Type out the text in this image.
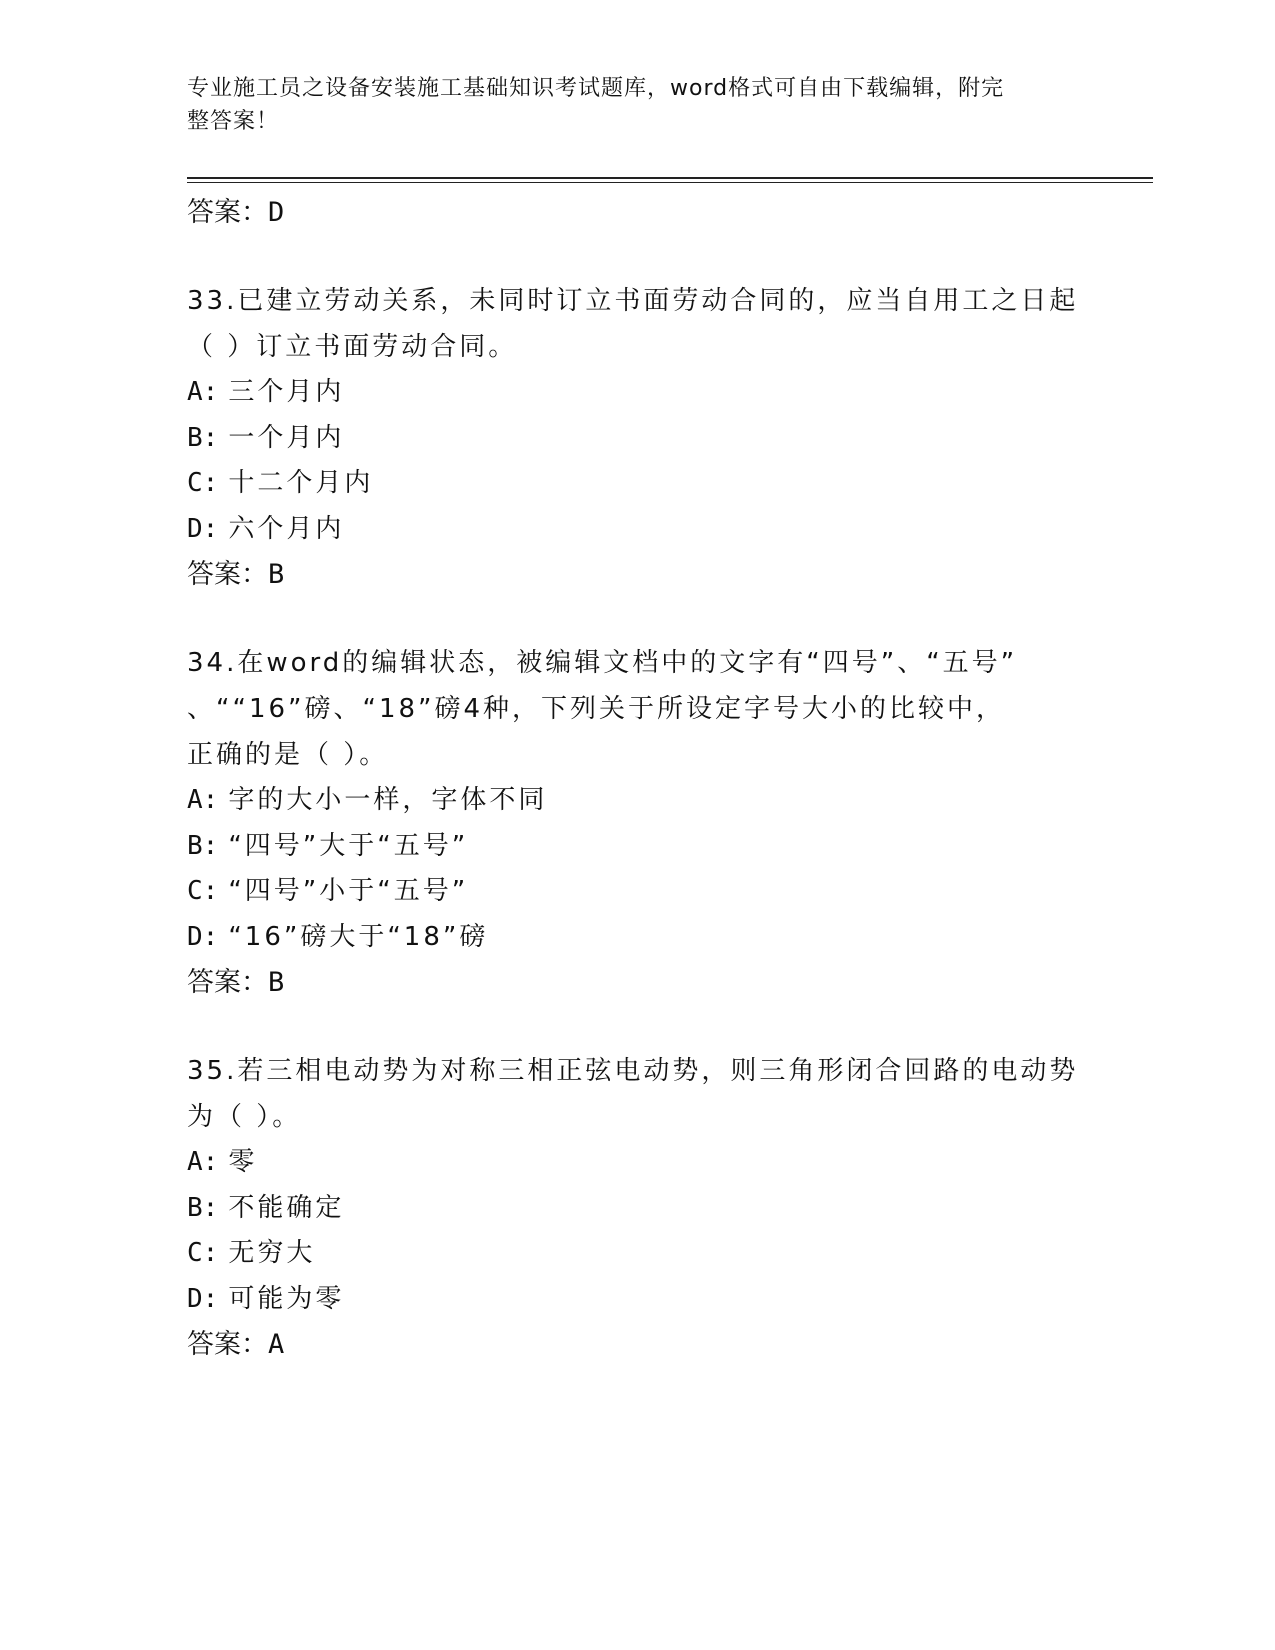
专业施工员之设备安装施工基础知识考试题库，word格式可自由下载编辑，附完
整答案！
答案：D
33.已建立劳动关系，未同时订立书面劳动合同的，应当自用工之日起
（ ）订立书面劳动合同。
A: 三个月内
B: 一个月内
C: 十二个月内
D: 六个月内
答案：B
34.在word的编辑状态，被编辑文档中的文字有“四号”、“五号”
、““16”磅、“18”磅4种，下列关于所设定字号大小的比较中，
正确的是（ ）。
A: 字的大小一样，字体不同
B: “四号”大于“五号”
C: “四号”小于“五号”
D: “16”磅大于“18”磅
答案：B
35.若三相电动势为对称三相正弦电动势，则三角形闭合回路的电动势
为（ ）。
A: 零
B: 不能确定
C: 无穷大
D: 可能为零
答案：A
